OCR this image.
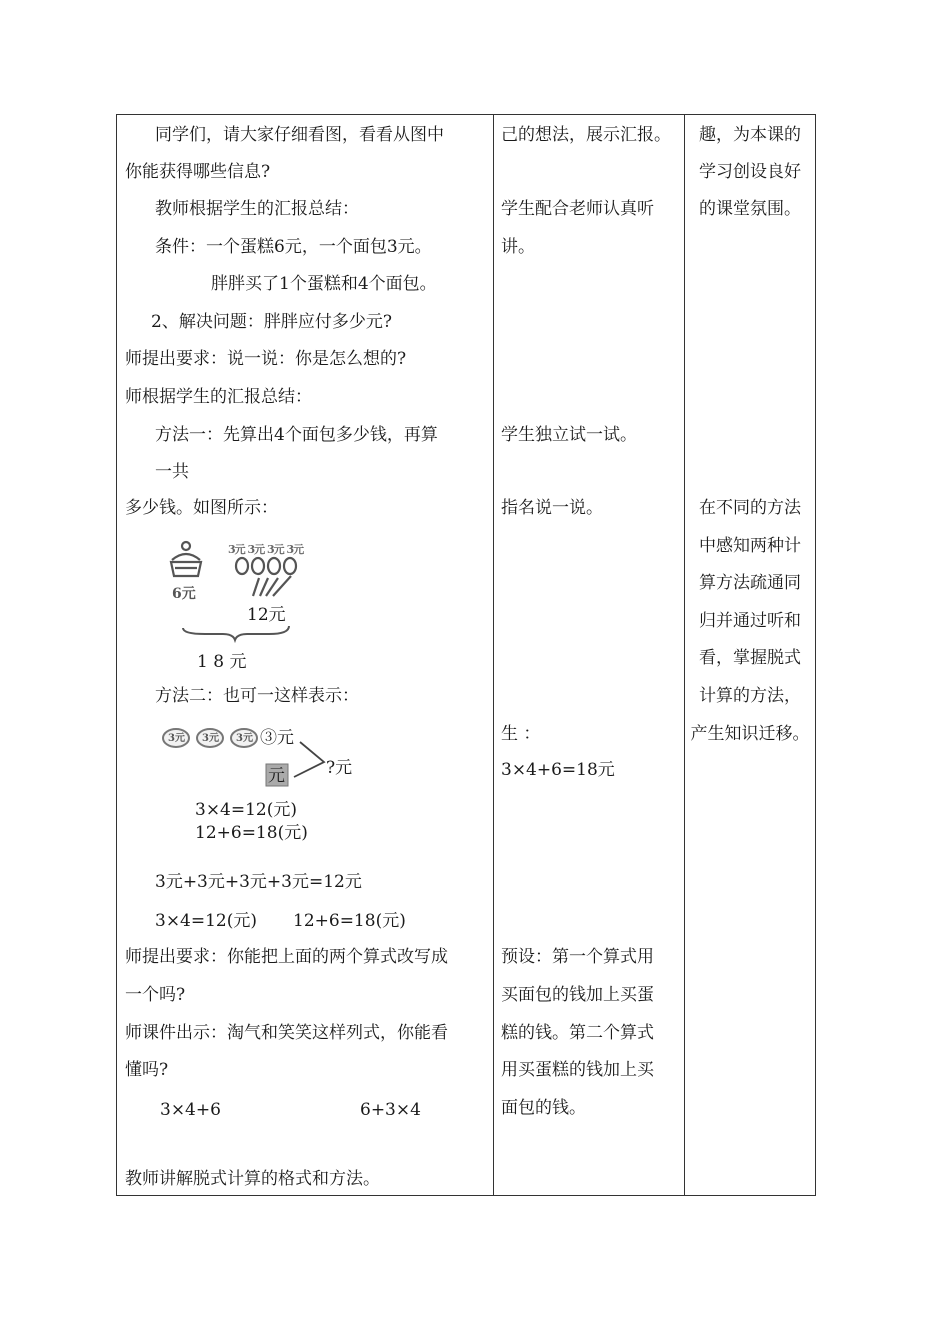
同学们，请大家仔细看图，看看从图中
你能获得哪些信息?
教师根据学生的汇报总结：
条件：一个蛋糕6元，一个面包3元。
胖胖买了1个蛋糕和4个面包。
2、解决问题：胖胖应付多少元?
师提出要求：说一说：你是怎么想的?
师根据学生的汇报总结：
方法一：先算出4个面包多少钱，再算
一共
多少钱。如图所示：
3元 3元 3元 3元
6元
12元
1 8 元
方法二：也可一这样表示：
3元 3元 3元 ③元
元 ?元
3×4=12(元)
12+6=18(元)
3元+3元+3元+3元=12元
3×4=12(元) 12+6=18(元)
师提出要求：你能把上面的两个算式改写成
一个吗?
师课件出示：淘气和笑笑这样列式，你能看
懂吗?
3×4+6	6+3×4
教师讲解脱式计算的格式和方法。
己的想法，展示汇报。
学生配合老师认真听
讲。
学生独立试一试。
指名说一说。
生 ：
3×4+6=18元
预设：第一个算式用
买面包的钱加上买蛋
糕的钱。第二个算式
用买蛋糕的钱加上买
面包的钱。
趣，为本课的
学习创设良好
的课堂氛围。
在不同的方法
中感知两种计
算方法疏通同
归并通过听和
看，掌握脱式
计算的方法，
产生知识迁移。
